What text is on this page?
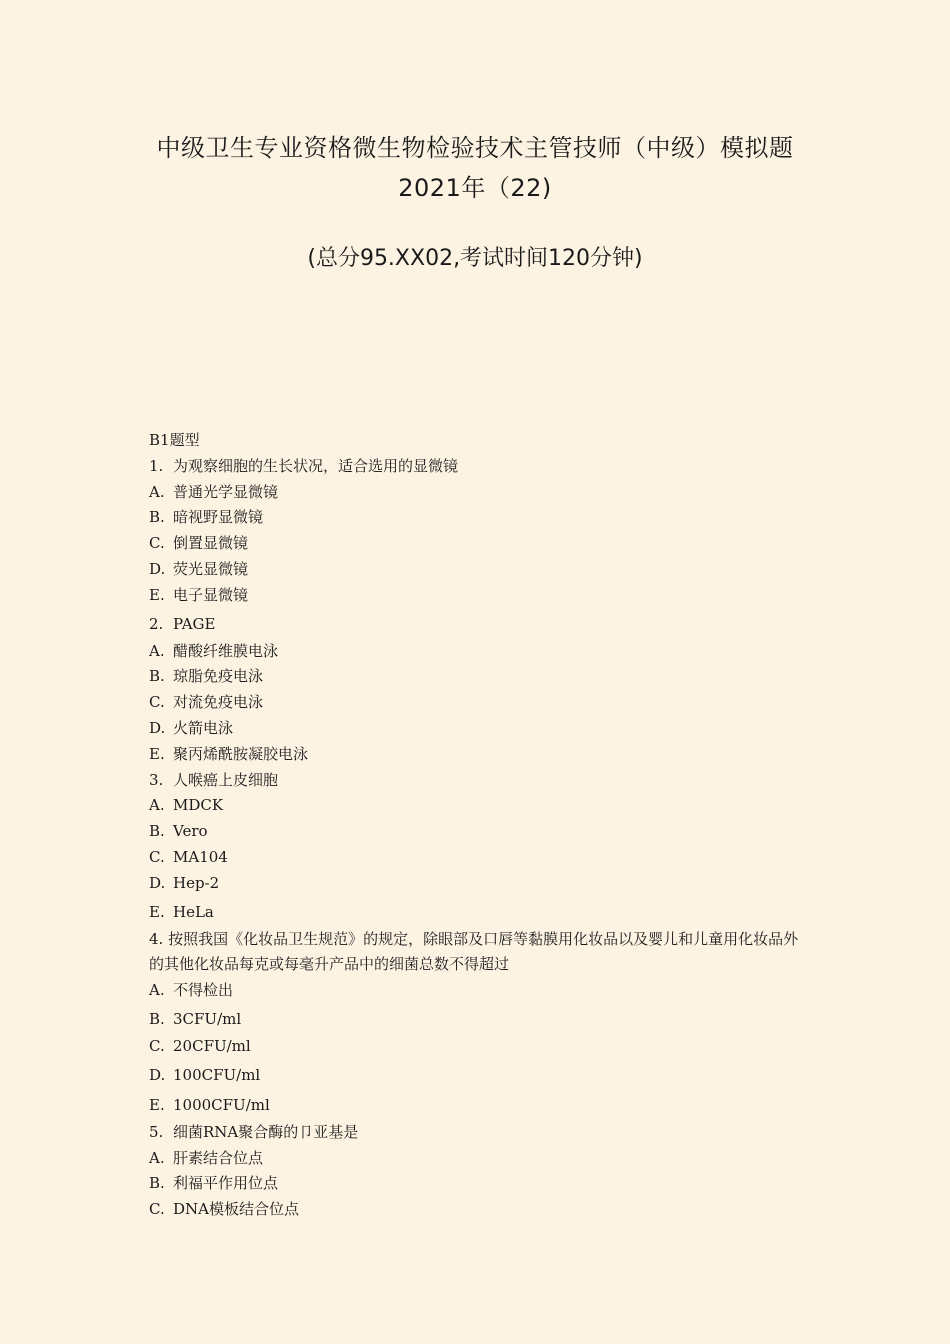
中级卫生专业资格微生物检验技术主管技师（中级）模拟题
2021年（22)
(总分95.XX02,考试时间120分钟)
B1题型
1. 为观察细胞的生长状况，适合选用的显微镜
A. 普通光学显微镜
B. 暗视野显微镜
C. 倒置显微镜
D. 荧光显微镜
E. 电子显微镜
2. PAGE
A. 醋酸纤维膜电泳
B. 琼脂免疫电泳
C. 对流免疫电泳
D. 火箭电泳
E. 聚丙烯酰胺凝胶电泳
3. 人喉癌上皮细胞
A. MDCK
B. Vero
C. MA104
D. Hep-2
E. HeLa
4. 按照我国《化妆品卫生规范》的规定，除眼部及口唇等黏膜用化妆品以及婴儿和儿童用化妆品外的其他化妆品每克或每毫升产品中的细菌总数不得超过
A. 不得检出
B. 3CFU/ml
C. 20CFU/ml
D. 100CFU/ml
E. 1000CFU/ml
5. 细菌RNA聚合酶的卩亚基是
A. 肝素结合位点
B. 利福平作用位点
C. DNA模板结合位点
